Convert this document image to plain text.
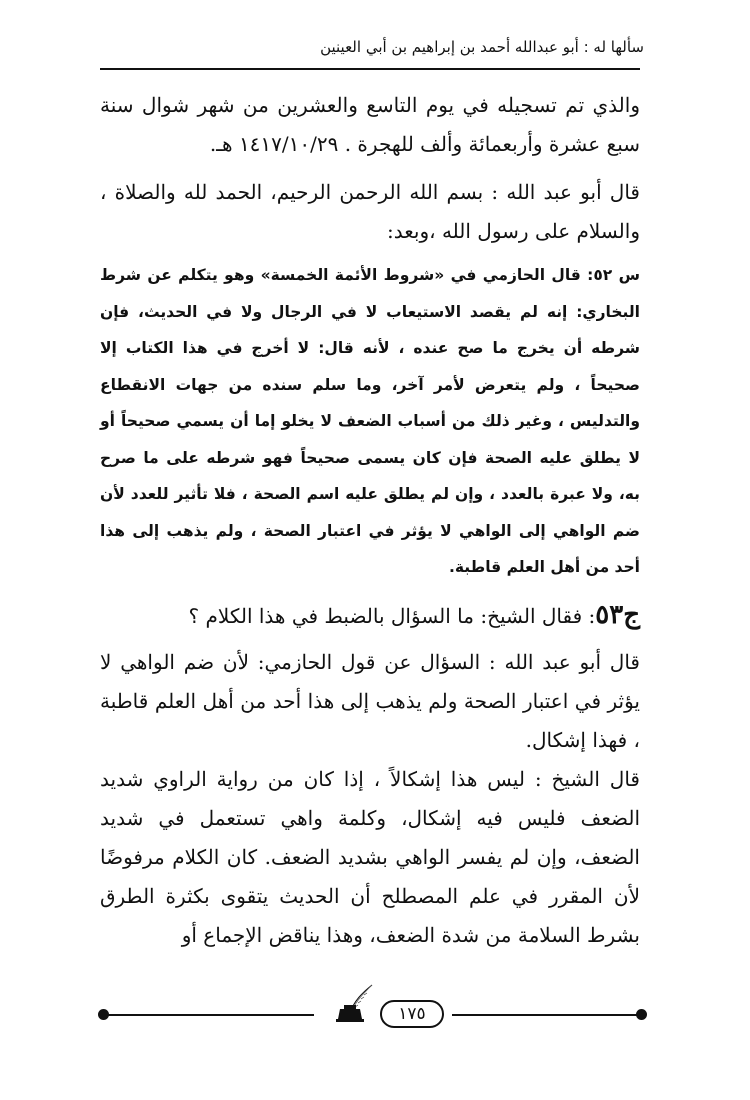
سألها له : أبو عبدالله أحمد بن إبراهيم بن أبي العينين

والذي تم تسجيله في يوم التاسع والعشرين من شهر شوال سنة سبع عشرة وأربعمائة وألف للهجرة . ١٤١٧/١٠/٢٩ هـ.

قال أبو عبد الله : بسم الله الرحمن الرحيم، الحمد لله والصلاة ، والسلام على رسول الله ،وبعد:

س ٥٢: قال الحازمي في «شروط الأئمة الخمسة» وهو يتكلم عن شرط البخاري: إنه لم يقصد الاستيعاب لا في الرجال ولا في الحديث، فإن شرطه أن يخرج ما صح عنده ، لأنه قال: لا أخرج في هذا الكتاب إلا صحيحاً ، ولم يتعرض لأمر آخر، وما سلم سنده من جهات الانقطاع والتدليس ، وغير ذلك من أسباب الضعف لا يخلو إما أن يسمي صحيحاً أو لا يطلق عليه الصحة فإن كان يسمى صحيحاً فهو شرطه على ما صرح به، ولا عبرة بالعدد ، وإن لم يطلق عليه اسم الصحة ، فلا تأثير للعدد لأن ضم الواهي إلى الواهي لا يؤثر في اعتبار الصحة ، ولم يذهب إلى هذا أحد من أهل العلم قاطبة.

ج٥٣: فقال الشيخ: ما السؤال بالضبط في هذا الكلام ؟

قال أبو عبد الله : السؤال عن قول الحازمي: لأن ضم الواهي لا يؤثر في اعتبار الصحة ولم يذهب إلى هذا أحد من أهل العلم قاطبة ، فهذا إشكال.

قال الشيخ : ليس هذا إشكالاً ، إذا كان من رواية الراوي شديد الضعف فليس فيه إشكال، وكلمة واهي تستعمل في شديد الضعف، وإن لم يفسر الواهي بشديد الضعف. كان الكلام مرفوضًا لأن المقرر في علم المصطلح أن الحديث يتقوى بكثرة الطرق بشرط السلامة من شدة الضعف، وهذا يناقض الإجماع أو

١٧٥
